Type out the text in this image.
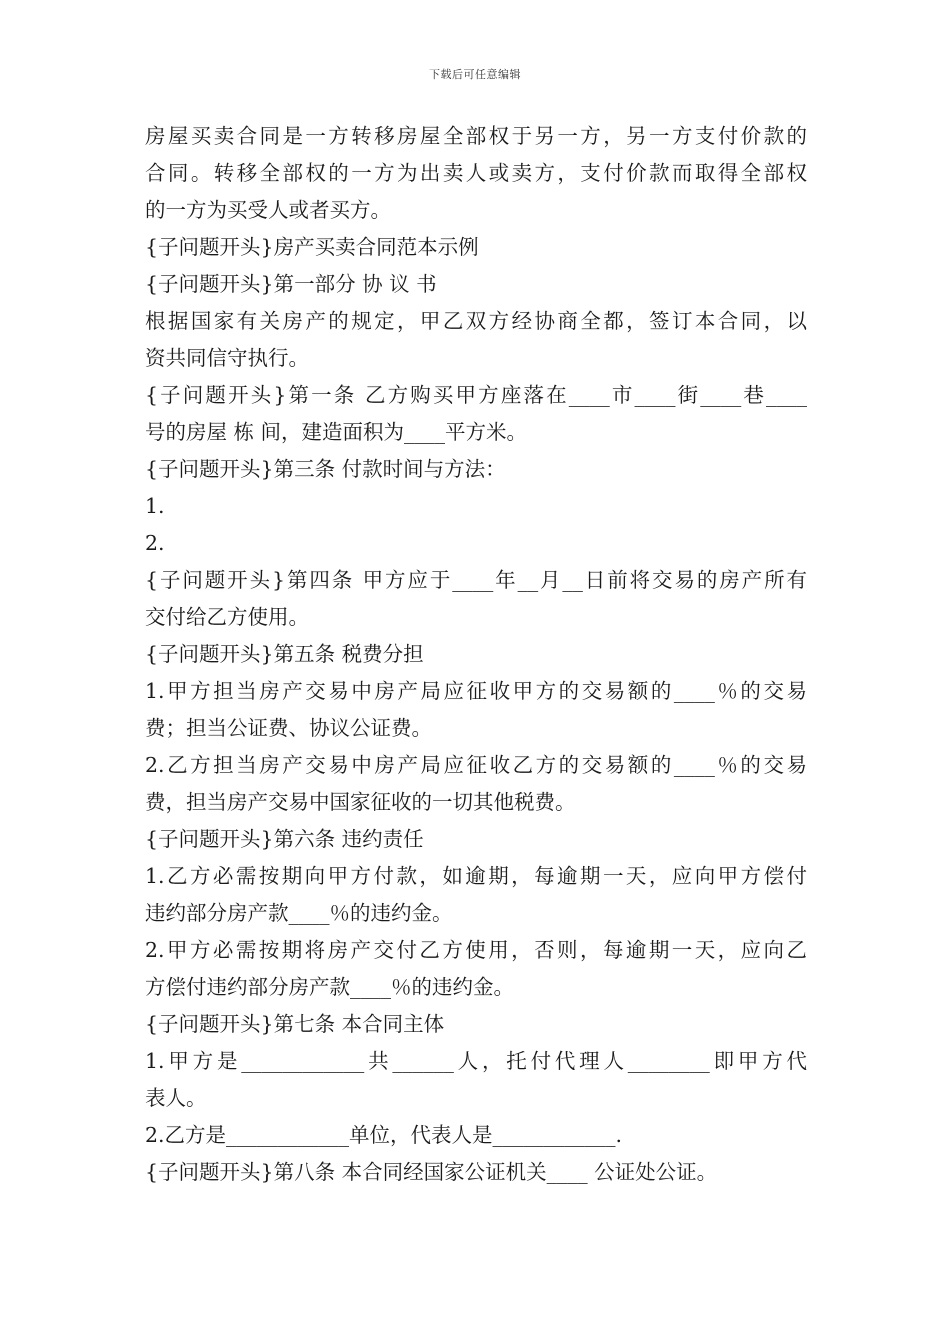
下载后可任意编辑
房屋买卖合同是一方转移房屋全部权于另一方，另一方支付价款的
合同。转移全部权的一方为出卖人或卖方，支付价款而取得全部权
的一方为买受人或者买方。
{子问题开头}房产买卖合同范本示例
{子问题开头}第一部分 协 议 书
根据国家有关房产的规定，甲乙双方经协商全都，签订本合同，以
资共同信守执行。
{子问题开头}第一条 乙方购买甲方座落在____市____街____巷____
号的房屋 栋 间，建造面积为____平方米。
{子问题开头}第三条 付款时间与方法：
1.
2.
{子问题开头}第四条 甲方应于____年__月__日前将交易的房产所有
交付给乙方使用。
{子问题开头}第五条 税费分担
1.甲方担当房产交易中房产局应征收甲方的交易额的____％的交易
费；担当公证费、协议公证费。
2.乙方担当房产交易中房产局应征收乙方的交易额的____％的交易
费，担当房产交易中国家征收的一切其他税费。
{子问题开头}第六条 违约责任
1.乙方必需按期向甲方付款，如逾期，每逾期一天，应向甲方偿付
违约部分房产款____％的违约金。
2.甲方必需按期将房产交付乙方使用，否则，每逾期一天，应向乙
方偿付违约部分房产款____％的违约金。
{子问题开头}第七条 本合同主体
1.甲方是____________共______人，托付代理人________即甲方代
表人。
2.乙方是____________单位，代表人是____________.
{子问题开头}第八条 本合同经国家公证机关____ 公证处公证。
